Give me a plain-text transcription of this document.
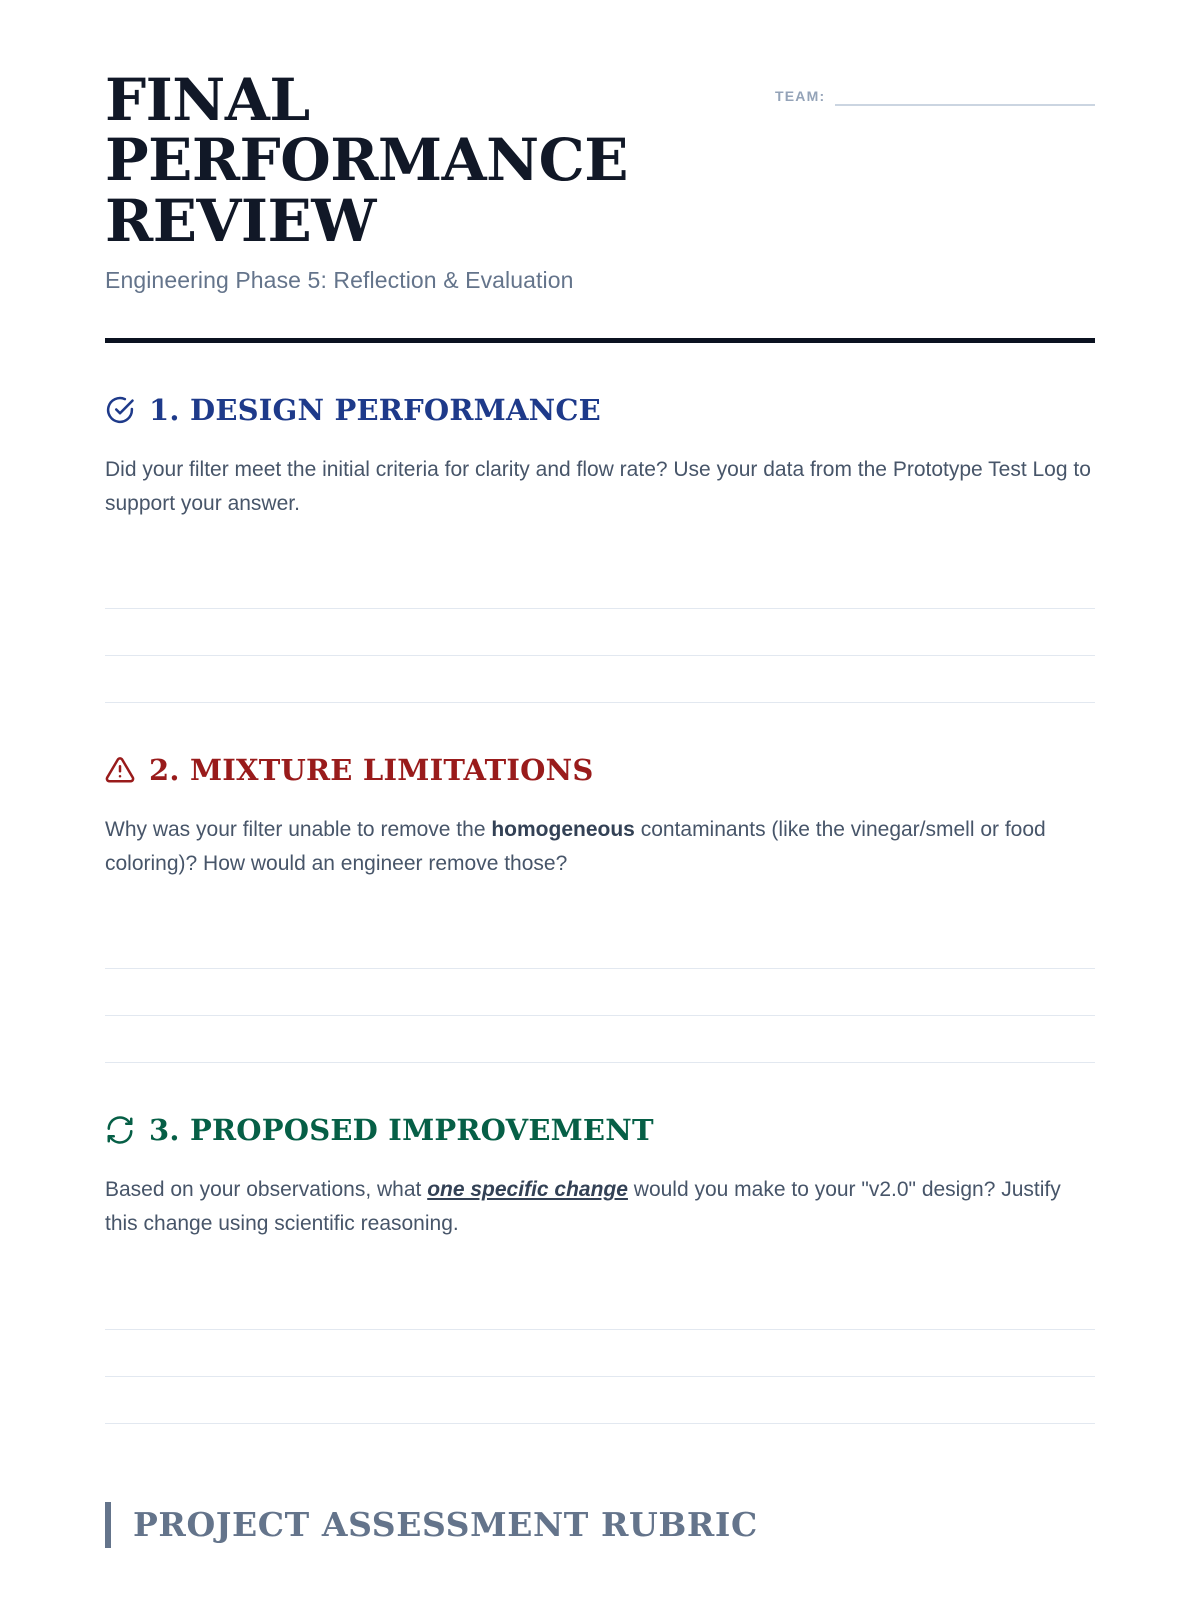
FINAL PERFORMANCE REVIEW
Engineering Phase 5: Reflection & Evaluation
TEAM:
1. DESIGN PERFORMANCE
Did your filter meet the initial criteria for clarity and flow rate? Use your data from the Prototype Test Log to support your answer.
2. MIXTURE LIMITATIONS
Why was your filter unable to remove the homogeneous contaminants (like the vinegar/smell or food coloring)? How would an engineer remove those?
3. PROPOSED IMPROVEMENT
Based on your observations, what one specific change would you make to your "v2.0" design? Justify this change using scientific reasoning.
PROJECT ASSESSMENT RUBRIC
